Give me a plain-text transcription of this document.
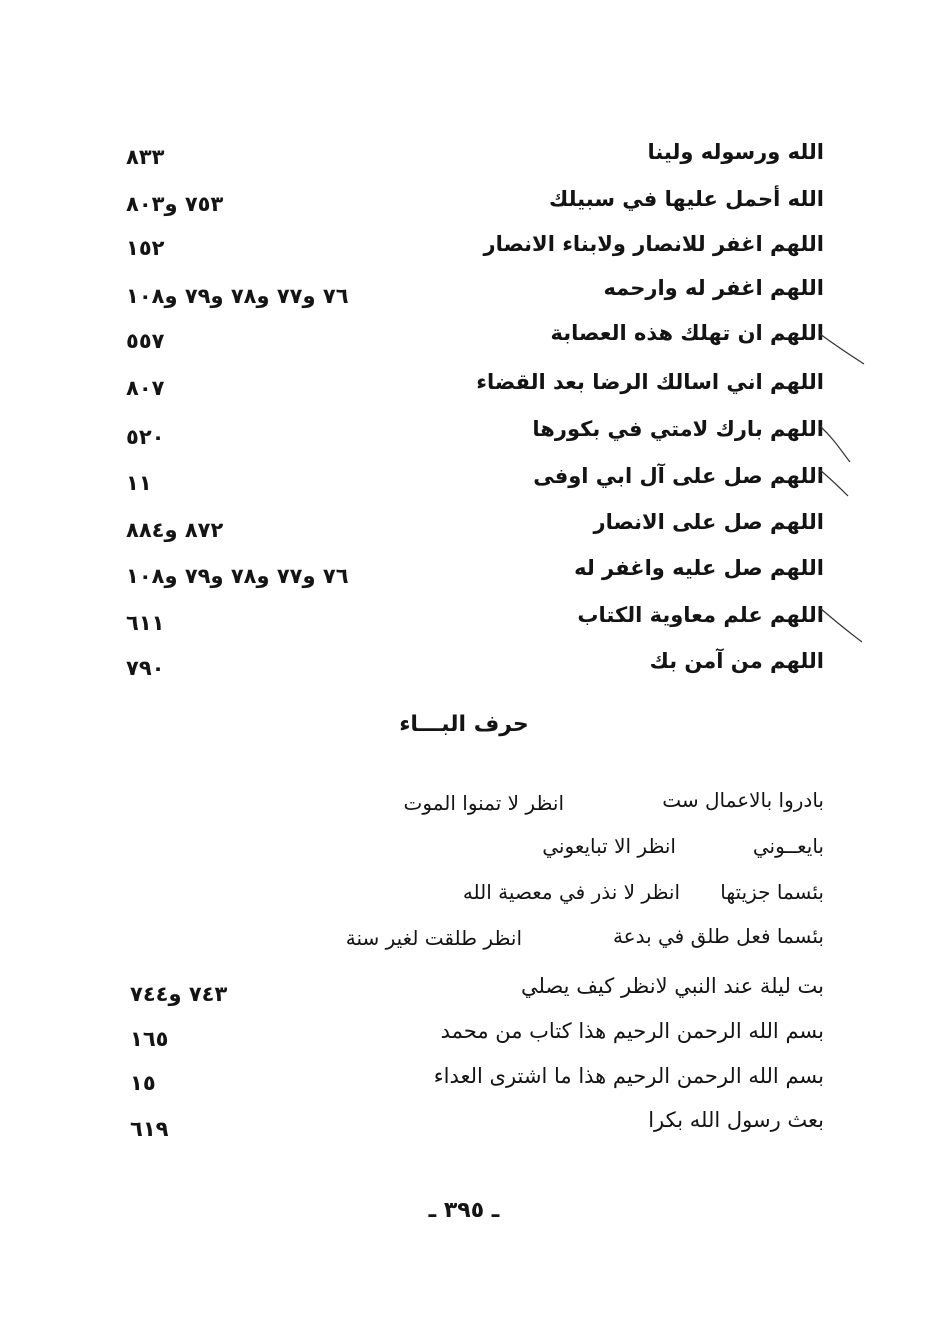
الله ورسوله ولينا
٨٣٣
الله أحمل عليها في سبيلك
٧٥٣ و٨٠٣
اللهم اغفر للانصار ولابناء الانصار
١٥٢
اللهم اغفر له وارحمه
٧٦ و٧٧ و٧٨ و٧٩ و١٠٨
اللهم ان تهلك هذه العصابة
٥٥٧
اللهم اني اسالك الرضا بعد القضاء
٨٠٧
اللهم بارك لامتي في بكورها
٥٢٠
اللهم صل على آل ابي اوفى
١١
اللهم صل على الانصار
٨٧٢ و٨٨٤
اللهم صل عليه واغفر له
٧٦ و٧٧ و٧٨ و٧٩ و١٠٨
اللهم علم معاوية الكتاب
٦١١
اللهم من آمن بك
٧٩٠
حرف البـــاء
بادروا بالاعمال ست
انظر لا تمنوا الموت
بايعــوني
انظر الا تبايعوني
بئسما جزيتها
انظر لا نذر في معصية الله
بئسما فعل طلق في بدعة
انظر طلقت لغير سنة
بت ليلة عند النبي لانظر كيف يصلي
٧٤٣ و٧٤٤
بسم الله الرحمن الرحيم هذا كتاب من محمد
١٦٥
بسم الله الرحمن الرحيم هذا ما اشترى العداء
١٥
بعث رسول الله بكرا
٦١٩
ـ ٣٩٥ ـ
